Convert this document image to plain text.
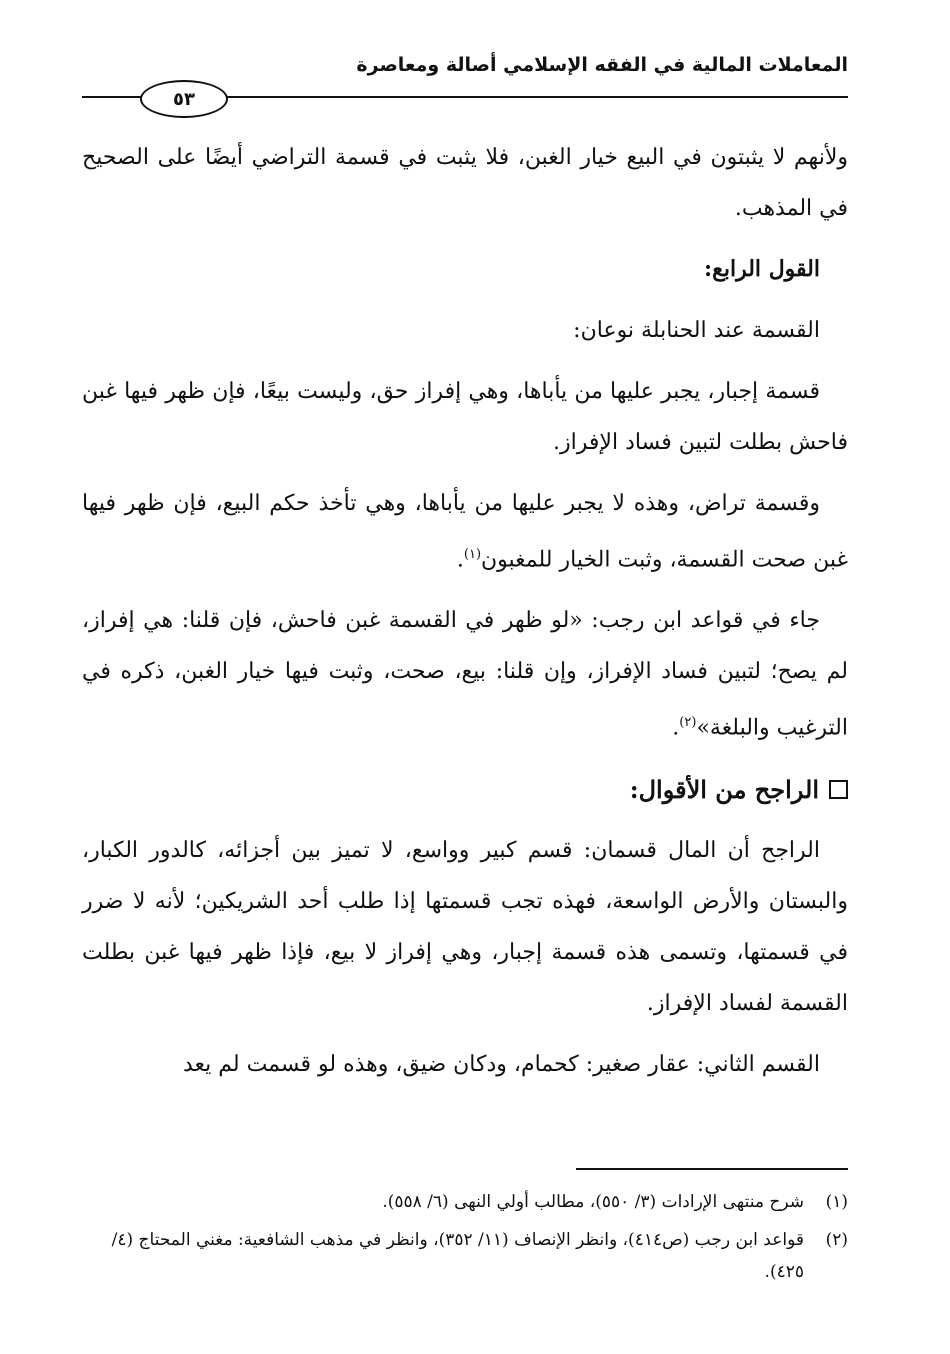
المعاملات المالية في الفقه الإسلامي أصالة ومعاصرة
٥٣

ولأنهم لا يثبتون في البيع خيار الغبن، فلا يثبت في قسمة التراضي أيضًا على الصحيح في المذهب.

القول الرابع:

القسمة عند الحنابلة نوعان:

قسمة إجبار، يجبر عليها من يأباها، وهي إفراز حق، وليست بيعًا، فإن ظهر فيها غبن فاحش بطلت لتبين فساد الإفراز.

وقسمة تراض، وهذه لا يجبر عليها من يأباها، وهي تأخذ حكم البيع، فإن ظهر فيها غبن صحت القسمة، وثبت الخيار للمغبون$^{(١)}$.

جاء في قواعد ابن رجب: «لو ظهر في القسمة غبن فاحش، فإن قلنا: هي إفراز، لم يصح؛ لتبين فساد الإفراز، وإن قلنا: بيع، صحت، وثبت فيها خيار الغبن، ذكره في الترغيب والبلغة»$^{(٢)}$.

الراجح من الأقوال:

الراجح أن المال قسمان: قسم كبير وواسع، لا تميز بين أجزائه، كالدور الكبار، والبستان والأرض الواسعة، فهذه تجب قسمتها إذا طلب أحد الشريكين؛ لأنه لا ضرر في قسمتها، وتسمى هذه قسمة إجبار، وهي إفراز لا بيع، فإذا ظهر فيها غبن بطلت القسمة لفساد الإفراز.

القسم الثاني: عقار صغير: كحمام، ودكان ضيق، وهذه لو قسمت لم يعد

(١)
شرح منتهى الإرادات (٣/ ٥٥٠)، مطالب أولي النهى (٦/ ٥٥٨).
(٢)
قواعد ابن رجب (ص٤١٤)، وانظر الإنصاف (١١/ ٣٥٢)، وانظر في مذهب الشافعية: مغني المحتاج (٤/ ٤٢٥).
